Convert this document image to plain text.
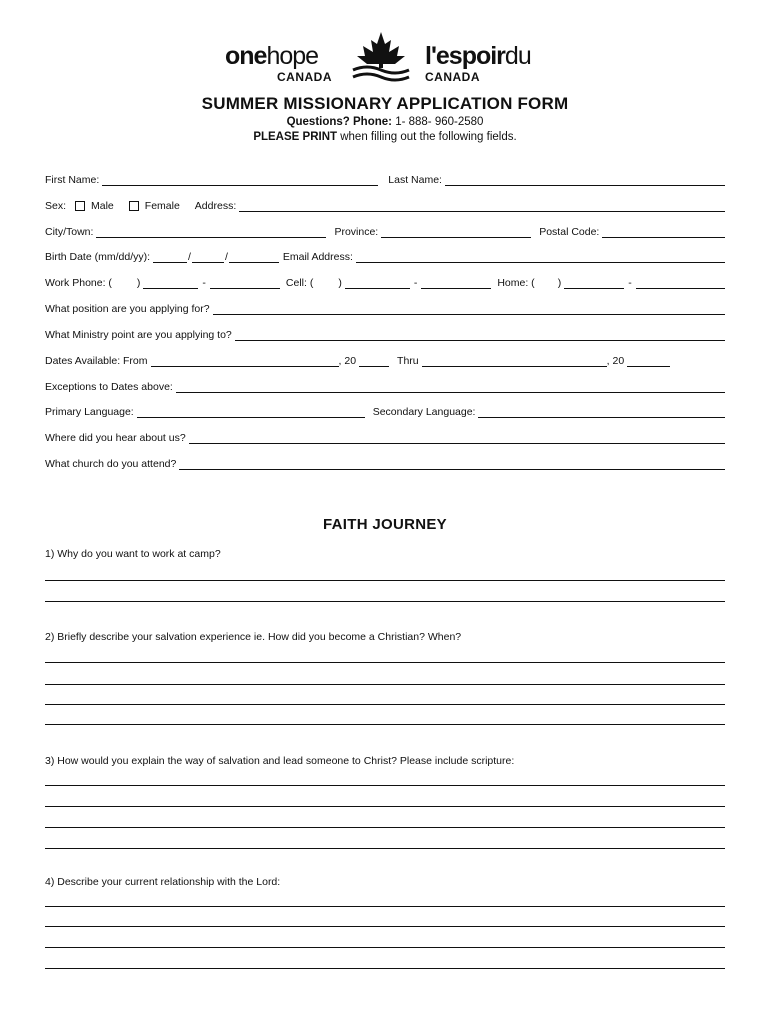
onehope
CANADA
l'espoirdu
CANADA
SUMMER MISSIONARY APPLICATION FORM
Questions? Phone: 1- 888- 960-2580
PLEASE PRINT when filling out the following fields.
First Name:	Last Name:
Sex: Male	Female Address:
City/Town:	Province:	Postal Code:
Birth Date (mm/dd/yy):	/	/	Email Address:
Work Phone: ( )	-	Cell: ( )	-	Home: ( )	-
What position are you applying for?
What Ministry point are you applying to?
Dates Available: From	, 20	Thru	, 20
Exceptions to Dates above:
Primary Language:	Secondary Language:
Where did you hear about us?
What church do you attend?
FAITH JOURNEY
1) Why do you want to work at camp?
2) Briefly describe your salvation experience ie. How did you become a Christian? When?
3) How would you explain the way of salvation and lead someone to Christ? Please include scripture:
4) Describe your current relationship with the Lord:
